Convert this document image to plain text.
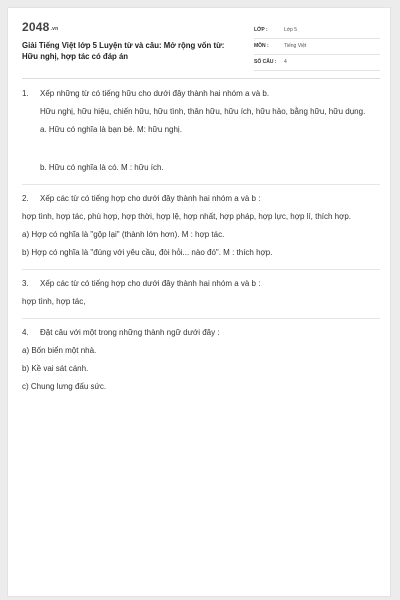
2048.vn
Giải Tiếng Việt lớp 5 Luyện từ và câu: Mở rộng vốn từ: Hữu nghị, hợp tác có đáp án
LỚP :	Lớp 5
MÔN :	Tiếng Việt
SỐ CÂU : 4
1.	Xếp những từ có tiếng hữu cho dưới đây thành hai nhóm a và b.
Hữu nghị, hữu hiệu, chiến hữu, hữu tình, thân hữu, hữu ích, hữu hảo, bằng hữu, hữu dụng.
a. Hữu có nghĩa là bạn bè. M: hữu nghị.
b. Hữu có nghĩa là có. M : hữu ích.
2.	Xếp các từ có tiếng hợp cho dưới đây thành hai nhóm a và b :
hợp tình, hợp tác, phù hợp, hợp thời, hợp lệ, hợp nhất, hợp pháp, hợp lực, hợp lí, thích hợp.
a) Hợp có nghĩa là "gộp lại" (thành lớn hơn). M : hợp tác.
b) Hợp có nghĩa là "đúng với yêu cầu, đòi hỏi... nào đó". M : thích hợp.
3.	Xếp các từ có tiếng hợp cho dưới đây thành hai nhóm a và b :
hợp tình, hợp tác,
4.	Đặt câu với một trong những thành ngữ dưới đây :
a) Bốn biển một nhà.
b) Kề vai sát cánh.
c) Chung lưng đấu sức.
